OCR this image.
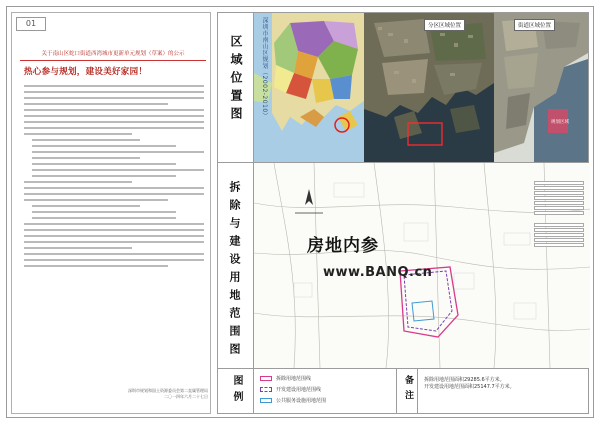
01
关于南山区蛇口街道西湾城市更新单元规划（草案）的公示
热心参与规划，建设美好家园！
深圳市规划和国土资源委员会第二直属管理局
二〇一四年六月二十七日
区域位置图	深圳市南山区规划（2002-2010）	分区区域位置
规划区域
街道区域位置
拆除与建设用地范围图
图例	拆除用地范围线
开发建设用地范围线
公共服务设施用地范围	备注	拆除用地范围面积29285.6平方米。
开发建设用地范围面积25147.7平方米。
房地内参
www.BANQ.cn
